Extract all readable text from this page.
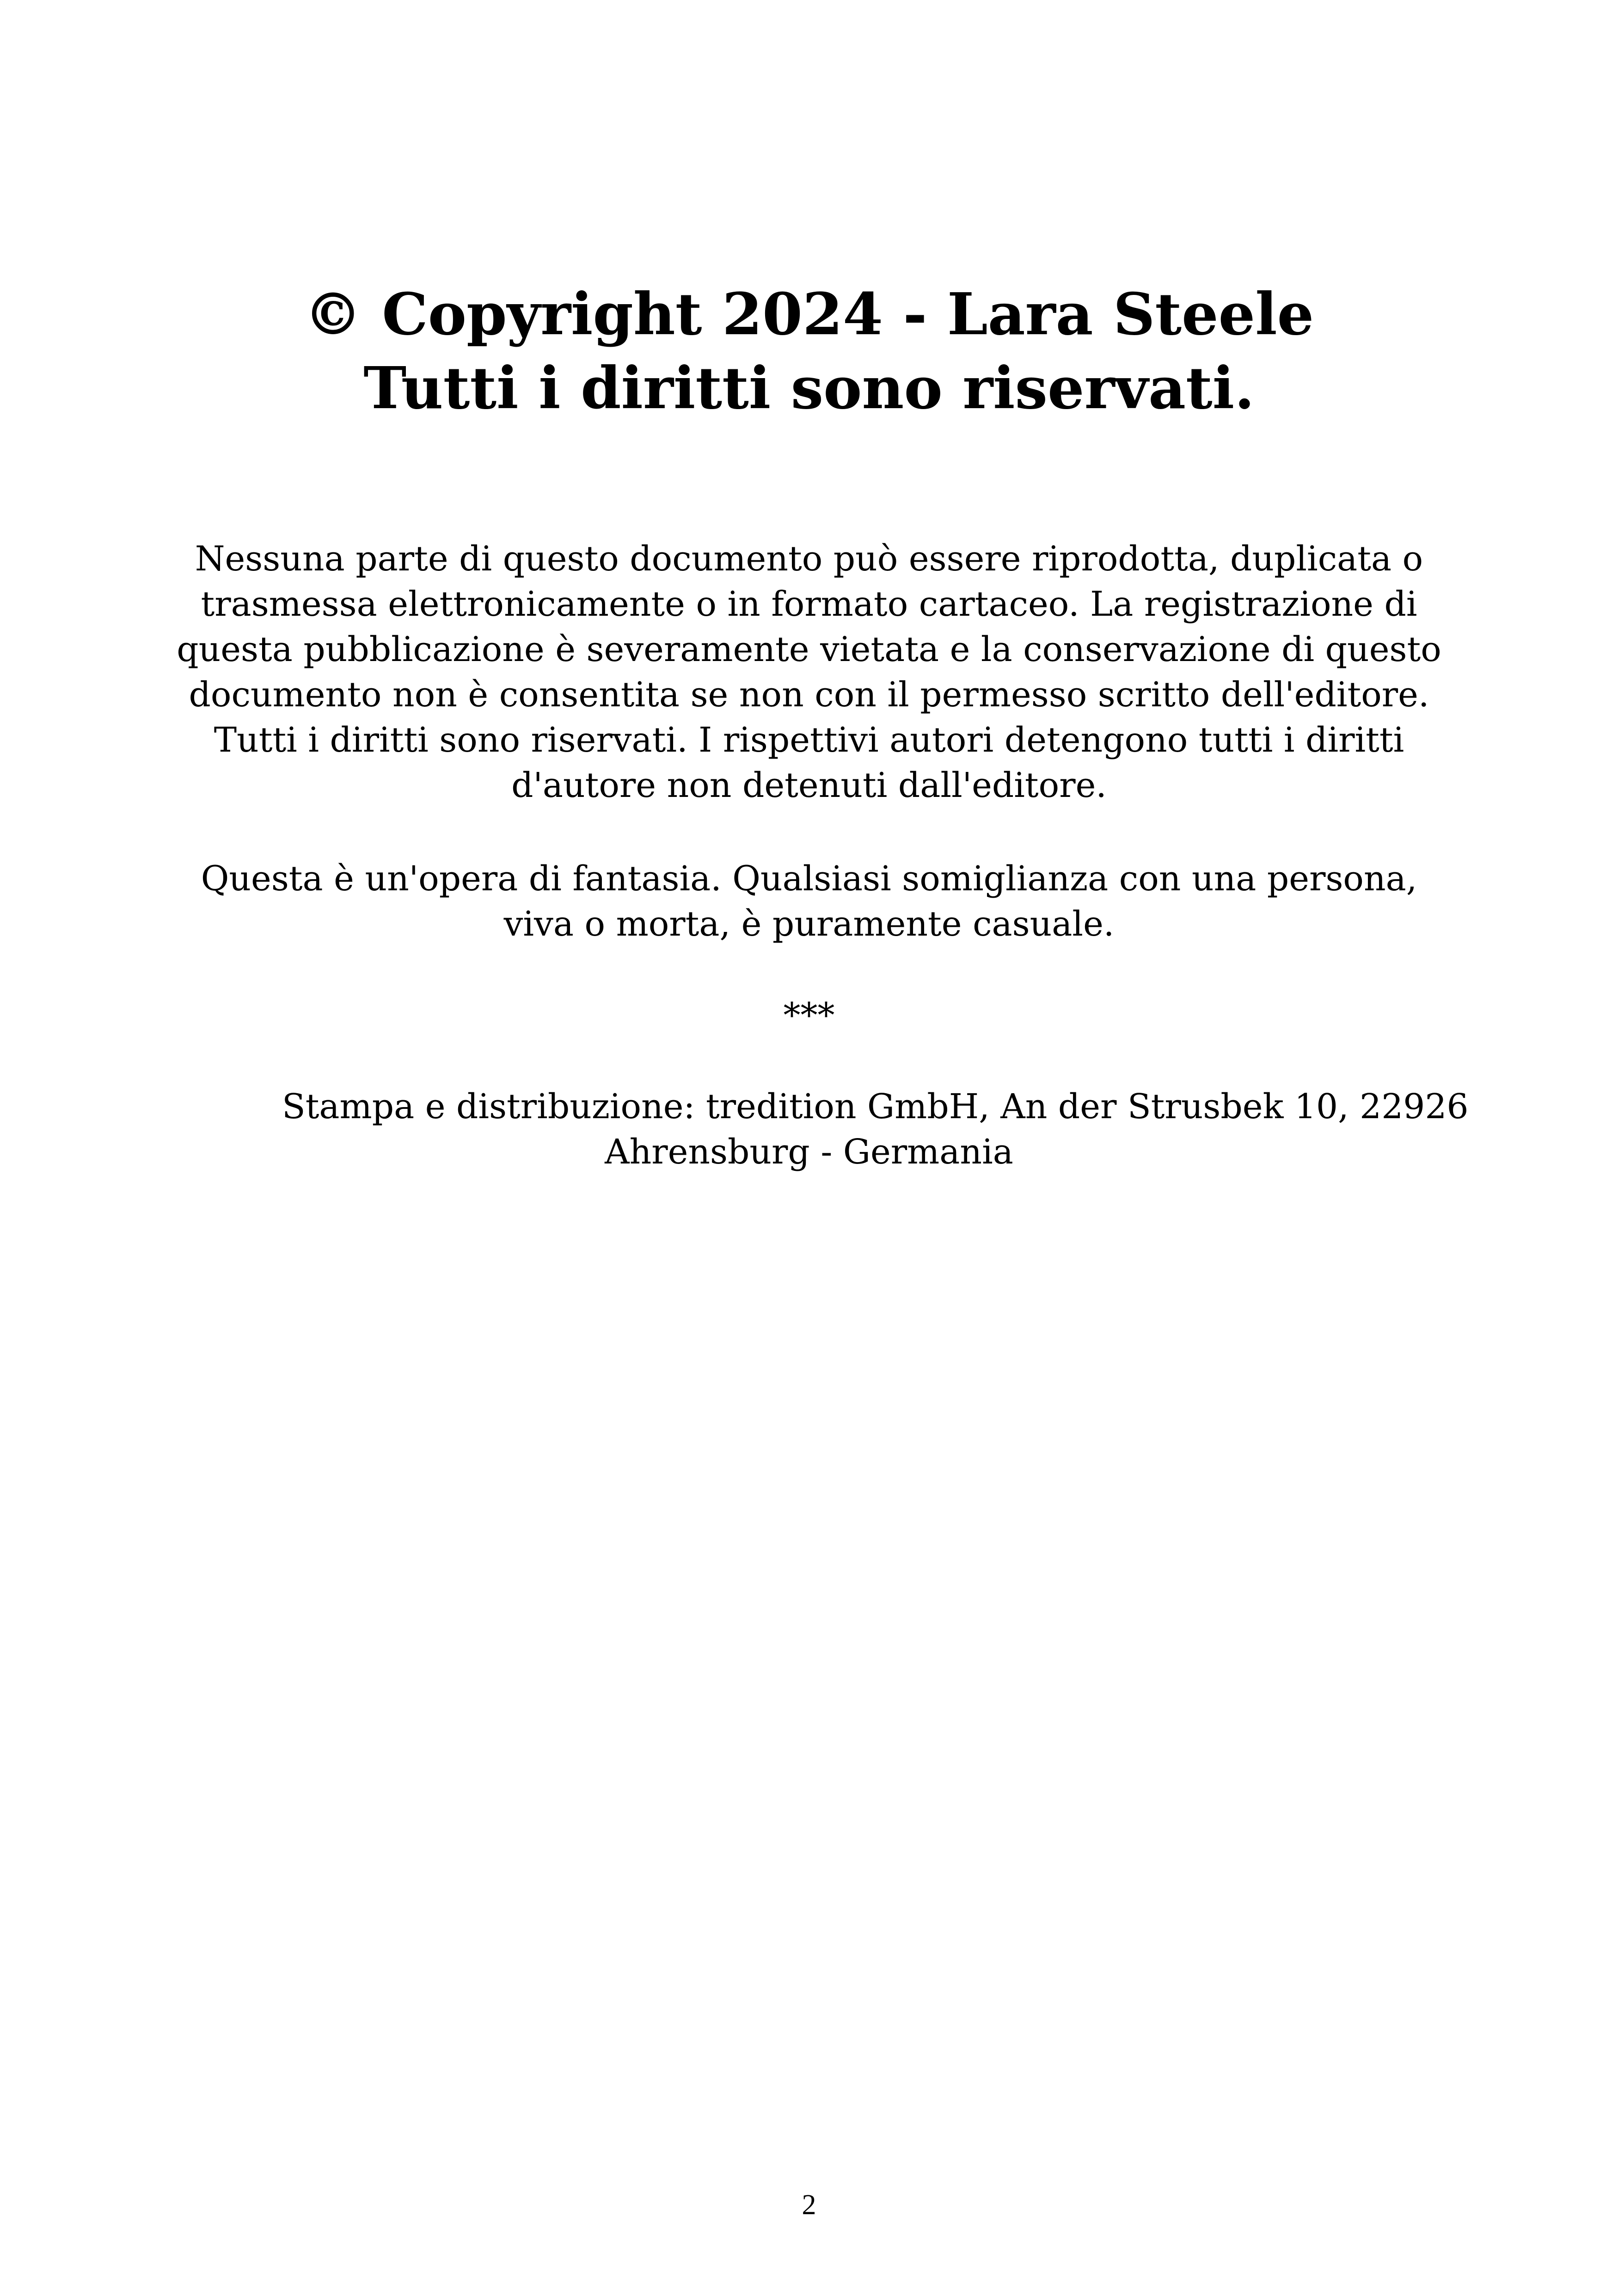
© Copyright 2024 - Lara Steele
Tutti i diritti sono riservati.
Nessuna parte di questo documento può essere riprodotta, duplicata o
trasmessa elettronicamente o in formato cartaceo. La registrazione di
questa pubblicazione è severamente vietata e la conservazione di questo
documento non è consentita se non con il permesso scritto dell'editore.
Tutti i diritti sono riservati. I rispettivi autori detengono tutti i diritti
d'autore non detenuti dall'editore.
Questa è un'opera di fantasia. Qualsiasi somiglianza con una persona,
viva o morta, è puramente casuale.
***
Stampa e distribuzione: tredition GmbH, An der Strusbek 10, 22926
Ahrensburg - Germania
2
